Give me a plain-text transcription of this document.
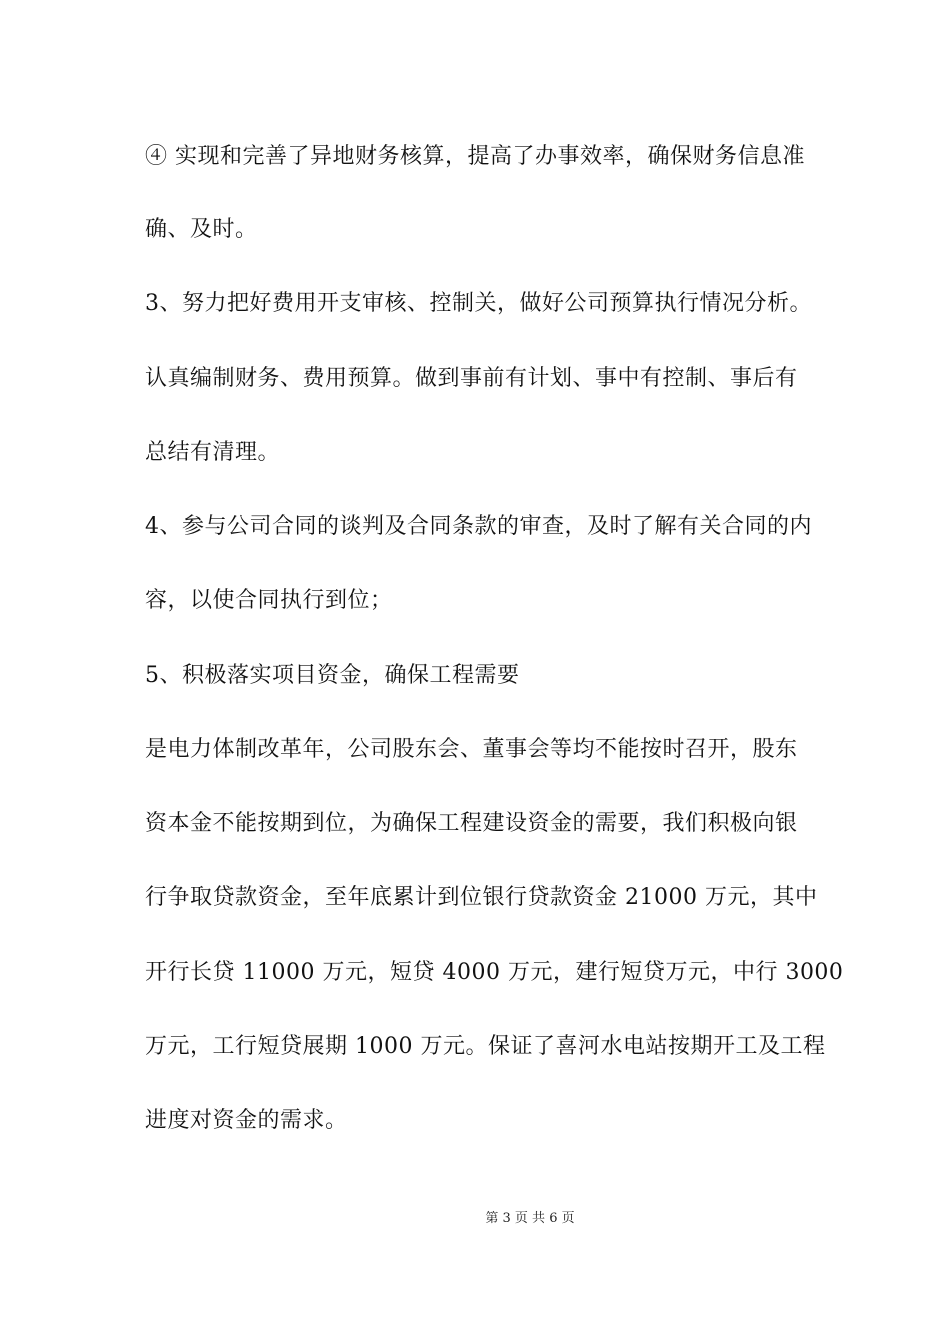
④ 实现和完善了异地财务核算，提高了办事效率，确保财务信息准
确、及时。
3、努力把好费用开支审核、控制关，做好公司预算执行情况分析。
认真编制财务、费用预算。做到事前有计划、事中有控制、事后有
总结有清理。
4、参与公司合同的谈判及合同条款的审查，及时了解有关合同的内
容，以使合同执行到位；
5、积极落实项目资金，确保工程需要
是电力体制改革年，公司股东会、董事会等均不能按时召开，股东
资本金不能按期到位，为确保工程建设资金的需要，我们积极向银
行争取贷款资金，至年底累计到位银行贷款资金 21000 万元，其中
开行长贷 11000 万元，短贷 4000 万元，建行短贷万元，中行 3000
万元，工行短贷展期 1000 万元。保证了喜河水电站按期开工及工程
进度对资金的需求。
第 3 页 共 6 页
